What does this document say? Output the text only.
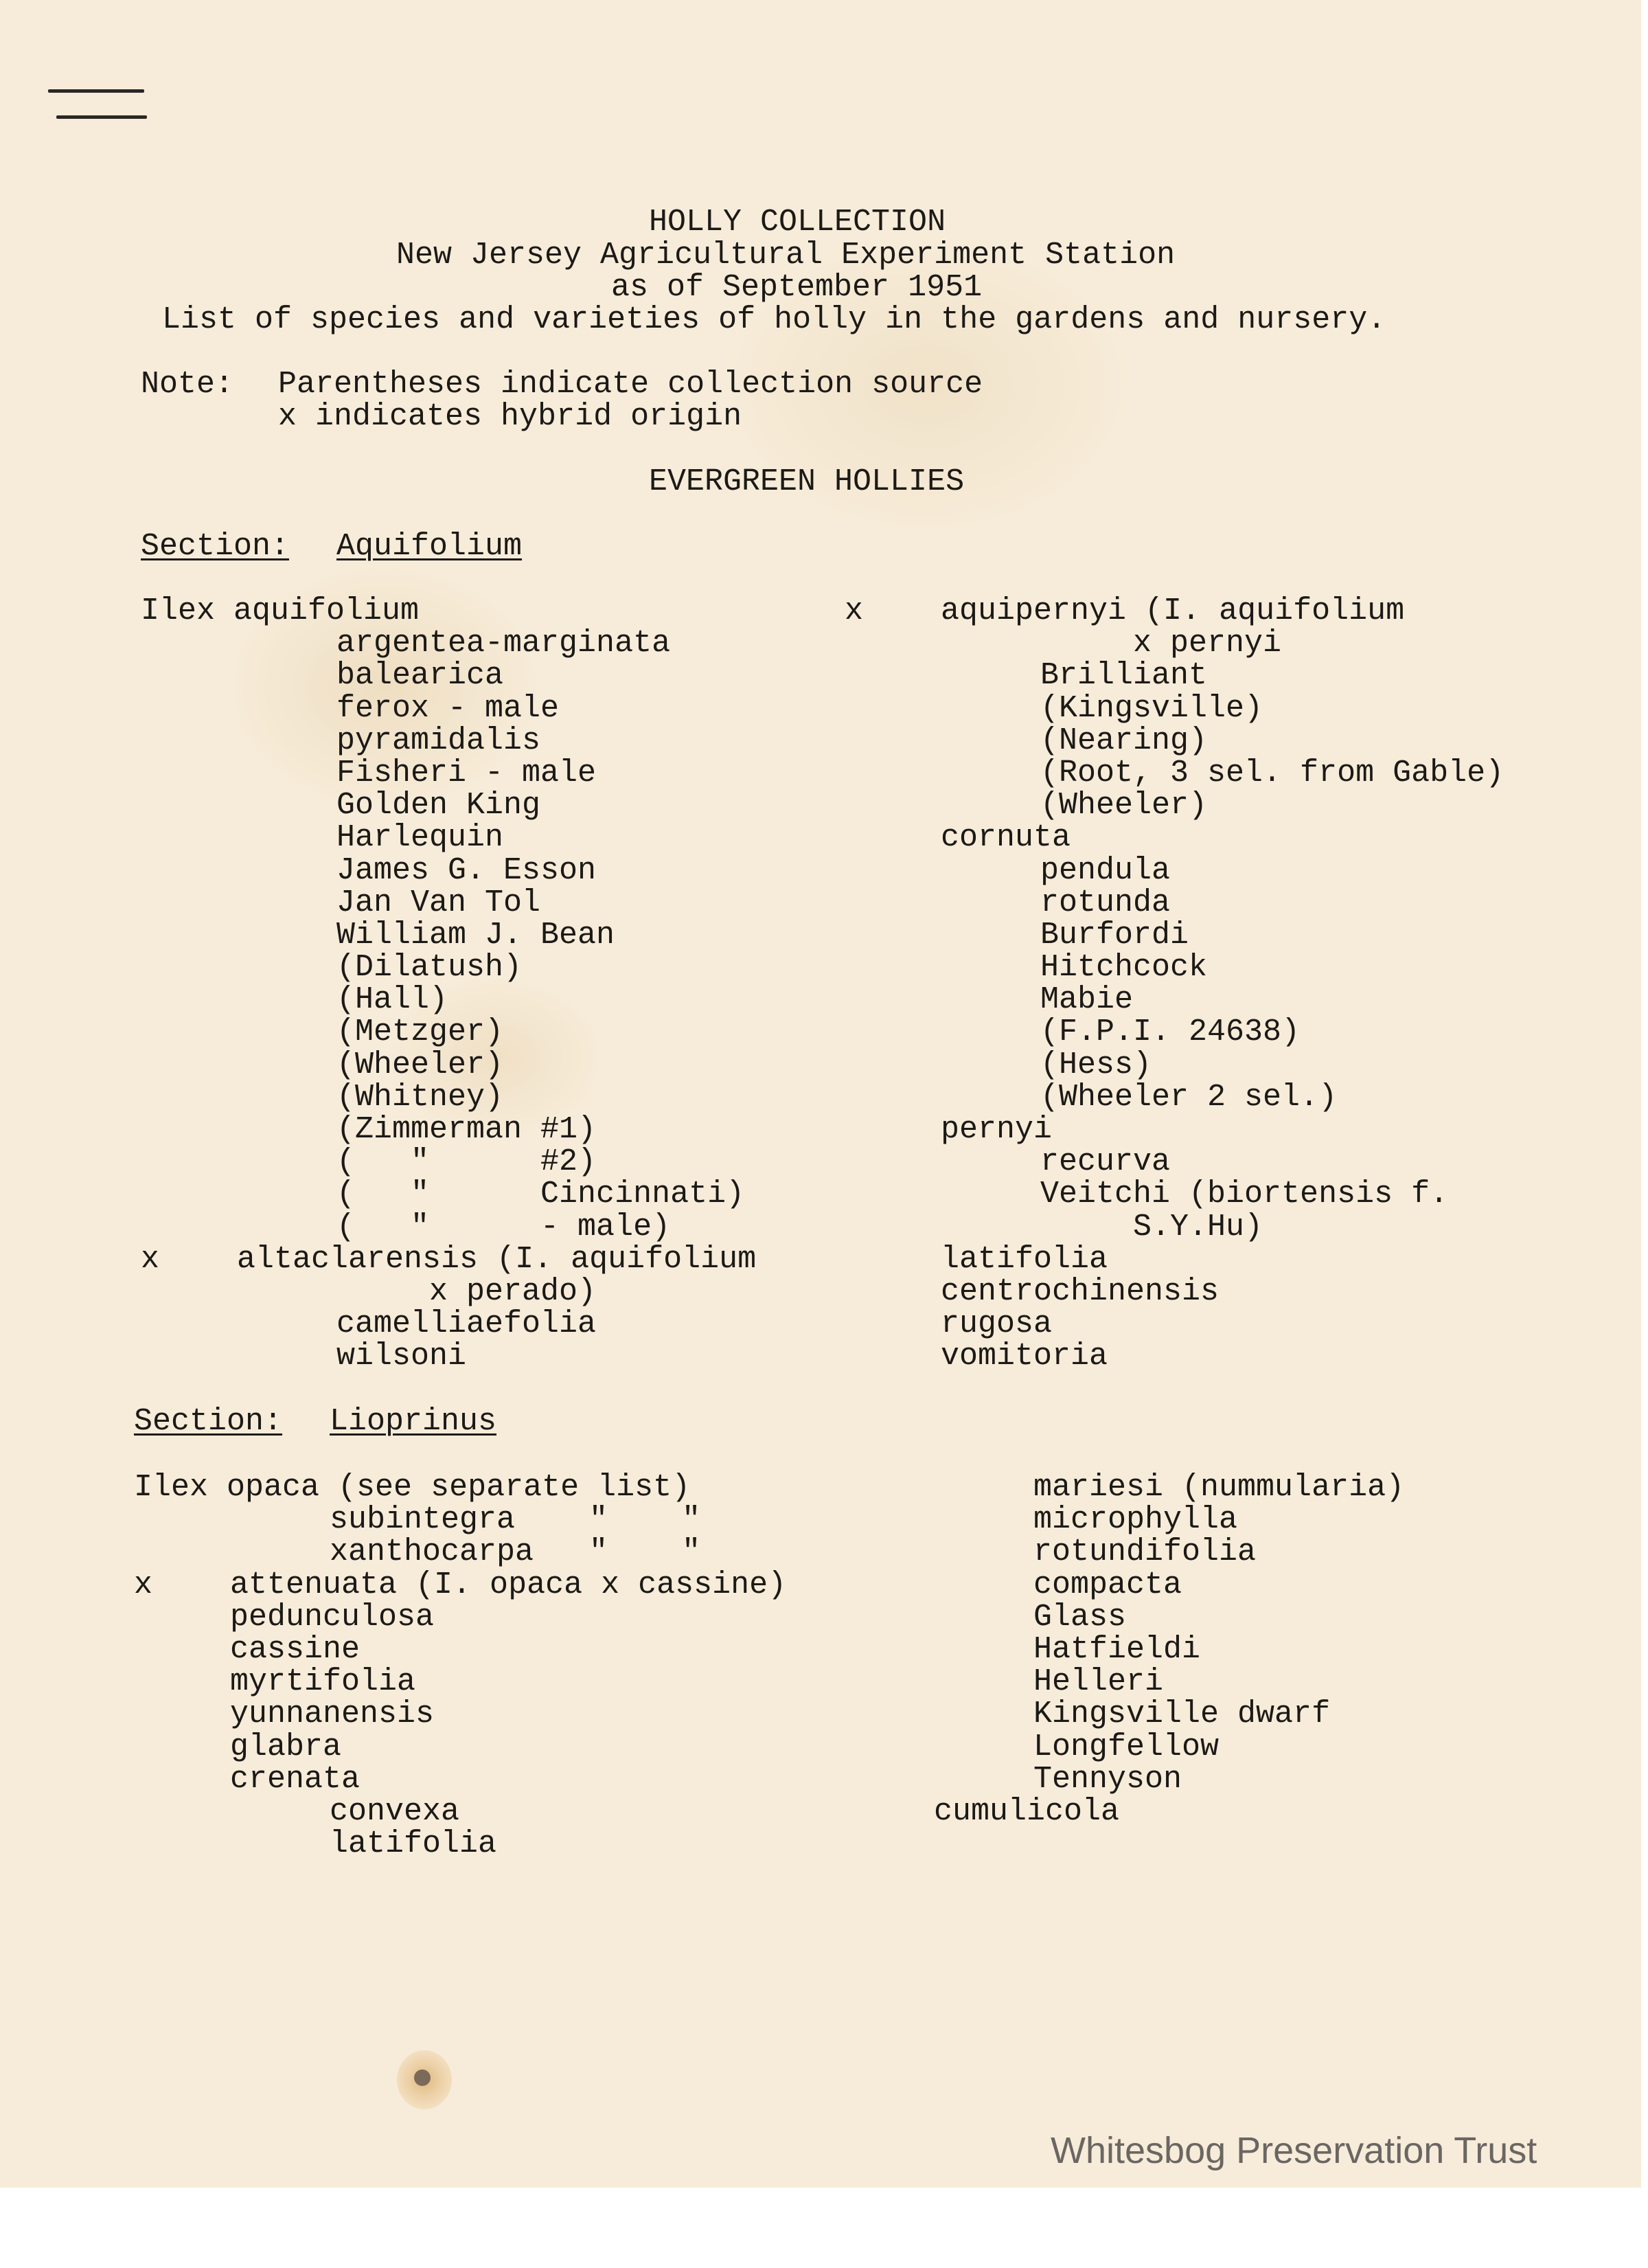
HOLLY COLLECTION
New Jersey Agricultural Experiment Station
as of September 1951
List of species and varieties of holly in the gardens and nursery.
Note: Parentheses indicate collection source
x indicates hybrid origin
EVERGREEN HOLLIES
Section: Aquifolium
Ilex aquifolium
argentea-marginata
balearica
ferox - male
pyramidalis
Fisheri - male
Golden King
Harlequin
James G. Esson
Jan Van Tol
William J. Bean
(Dilatush)
(Hall)
(Metzger)
(Wheeler)
(Whitney)
(Zimmerman #1)
(   "      #2)
(   "      Cincinnati)
(   "      - male)
x	altaclarensis (I. aquifolium
x perado)
camelliaefolia
wilsoni
x	aquipernyi (I. aquifolium
x pernyi
Brilliant
(Kingsville)
(Nearing)
(Root, 3 sel. from Gable)
(Wheeler)
cornuta
pendula
rotunda
Burfordi
Hitchcock
Mabie
(F.P.I. 24638)
(Hess)
(Wheeler 2 sel.)
pernyi
recurva
Veitchi (biortensis f.
S.Y.Hu)
latifolia
centrochinensis
rugosa
vomitoria
Section: Lioprinus
Ilex opaca (see separate list)
subintegra    "    "
xanthocarpa   "    "
x	attenuata (I. opaca x cassine)
pedunculosa
cassine
myrtifolia
yunnanensis
glabra
crenata
convexa
latifolia
mariesi (nummularia)
microphylla
rotundifolia
compacta
Glass
Hatfieldi
Helleri
Kingsville dwarf
Longfellow
Tennyson
cumulicola
Whitesbog Preservation Trust
